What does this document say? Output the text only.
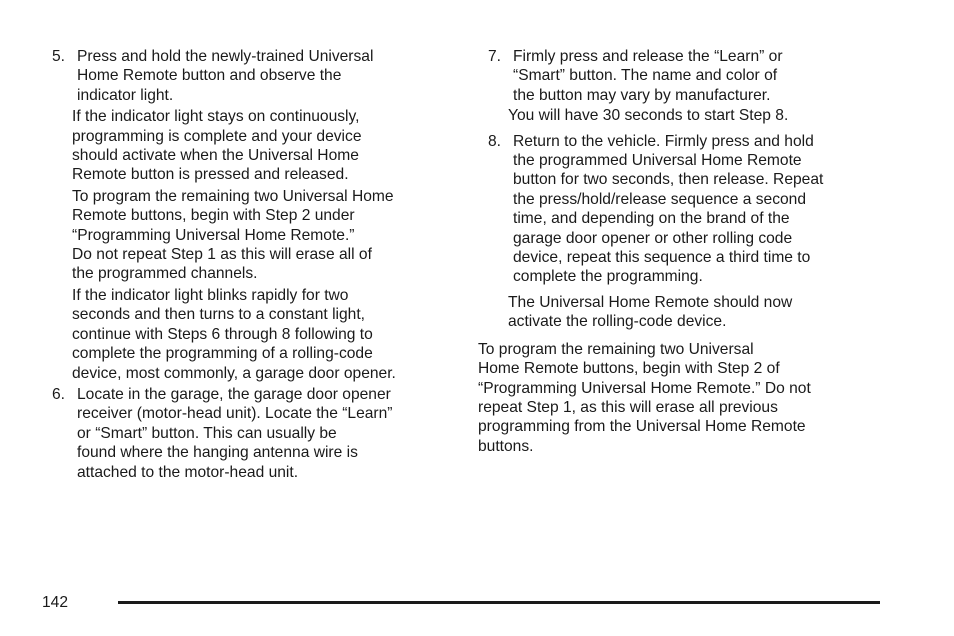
5. Press and hold the newly-trained Universal
Home Remote button and observe the
indicator light.
If the indicator light stays on continuously,
programming is complete and your device
should activate when the Universal Home
Remote button is pressed and released.
To program the remaining two Universal Home
Remote buttons, begin with Step 2 under
“Programming Universal Home Remote.”
Do not repeat Step 1 as this will erase all of
the programmed channels.
If the indicator light blinks rapidly for two
seconds and then turns to a constant light,
continue with Steps 6 through 8 following to
complete the programming of a rolling-code
device, most commonly, a garage door opener.
6. Locate in the garage, the garage door opener
receiver (motor-head unit). Locate the “Learn”
or “Smart” button. This can usually be
found where the hanging antenna wire is
attached to the motor-head unit.
7. Firmly press and release the “Learn” or
“Smart” button. The name and color of
the button may vary by manufacturer.
You will have 30 seconds to start Step 8.
8. Return to the vehicle. Firmly press and hold
the programmed Universal Home Remote
button for two seconds, then release. Repeat
the press/hold/release sequence a second
time, and depending on the brand of the
garage door opener or other rolling code
device, repeat this sequence a third time to
complete the programming.
The Universal Home Remote should now
activate the rolling-code device.
To program the remaining two Universal
Home Remote buttons, begin with Step 2 of
“Programming Universal Home Remote.” Do not
repeat Step 1, as this will erase all previous
programming from the Universal Home Remote
buttons.
142
